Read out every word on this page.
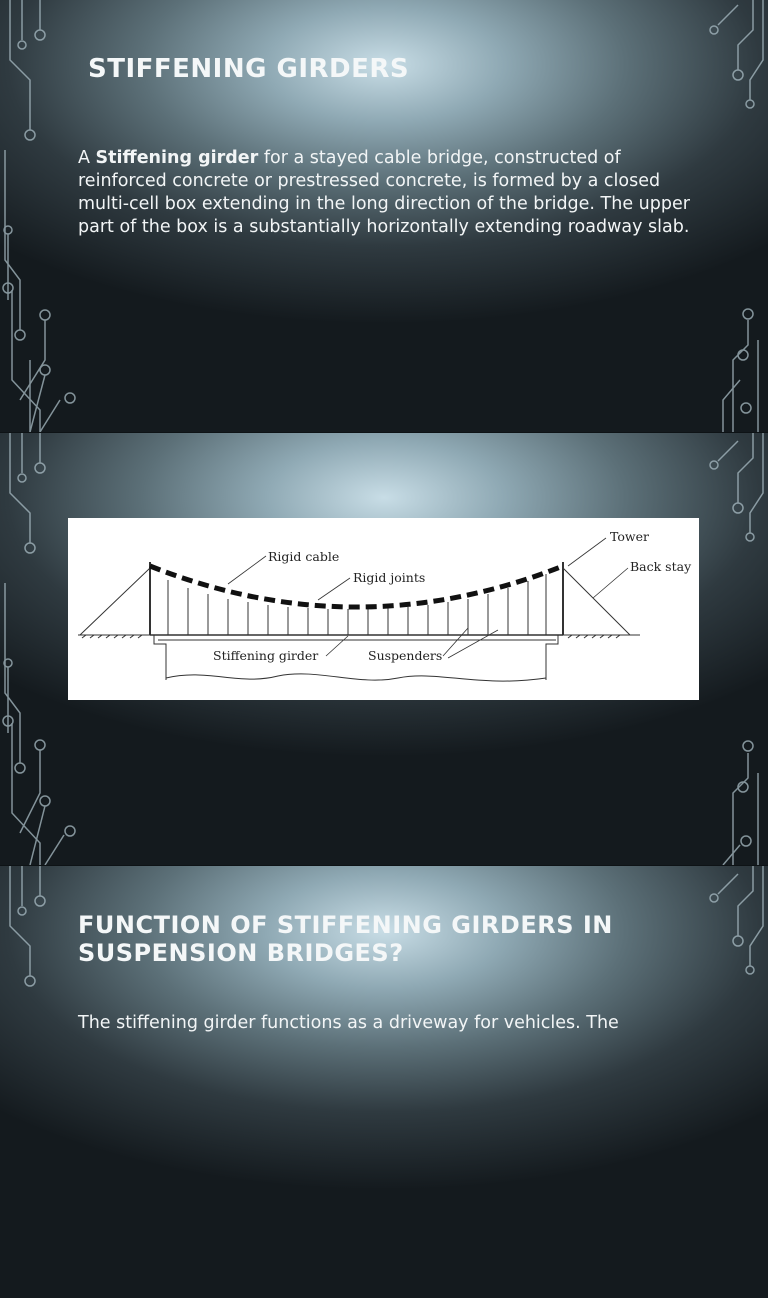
STIFFENING GIRDERS

A Stiffening girder for a stayed cable bridge, constructed of reinforced concrete or prestressed concrete, is formed by a closed multi-cell box extending in the long direction of the bridge. The upper part of the box is a substantially horizontally extending roadway slab.

Rigid cable
Rigid joints
Tower
Back stay
Stiffening girder	Suspenders
FUNCTION OF STIFFENING GIRDERS IN
SUSPENSION BRIDGES?

The stiffening girder functions as a driveway for vehicles. The
